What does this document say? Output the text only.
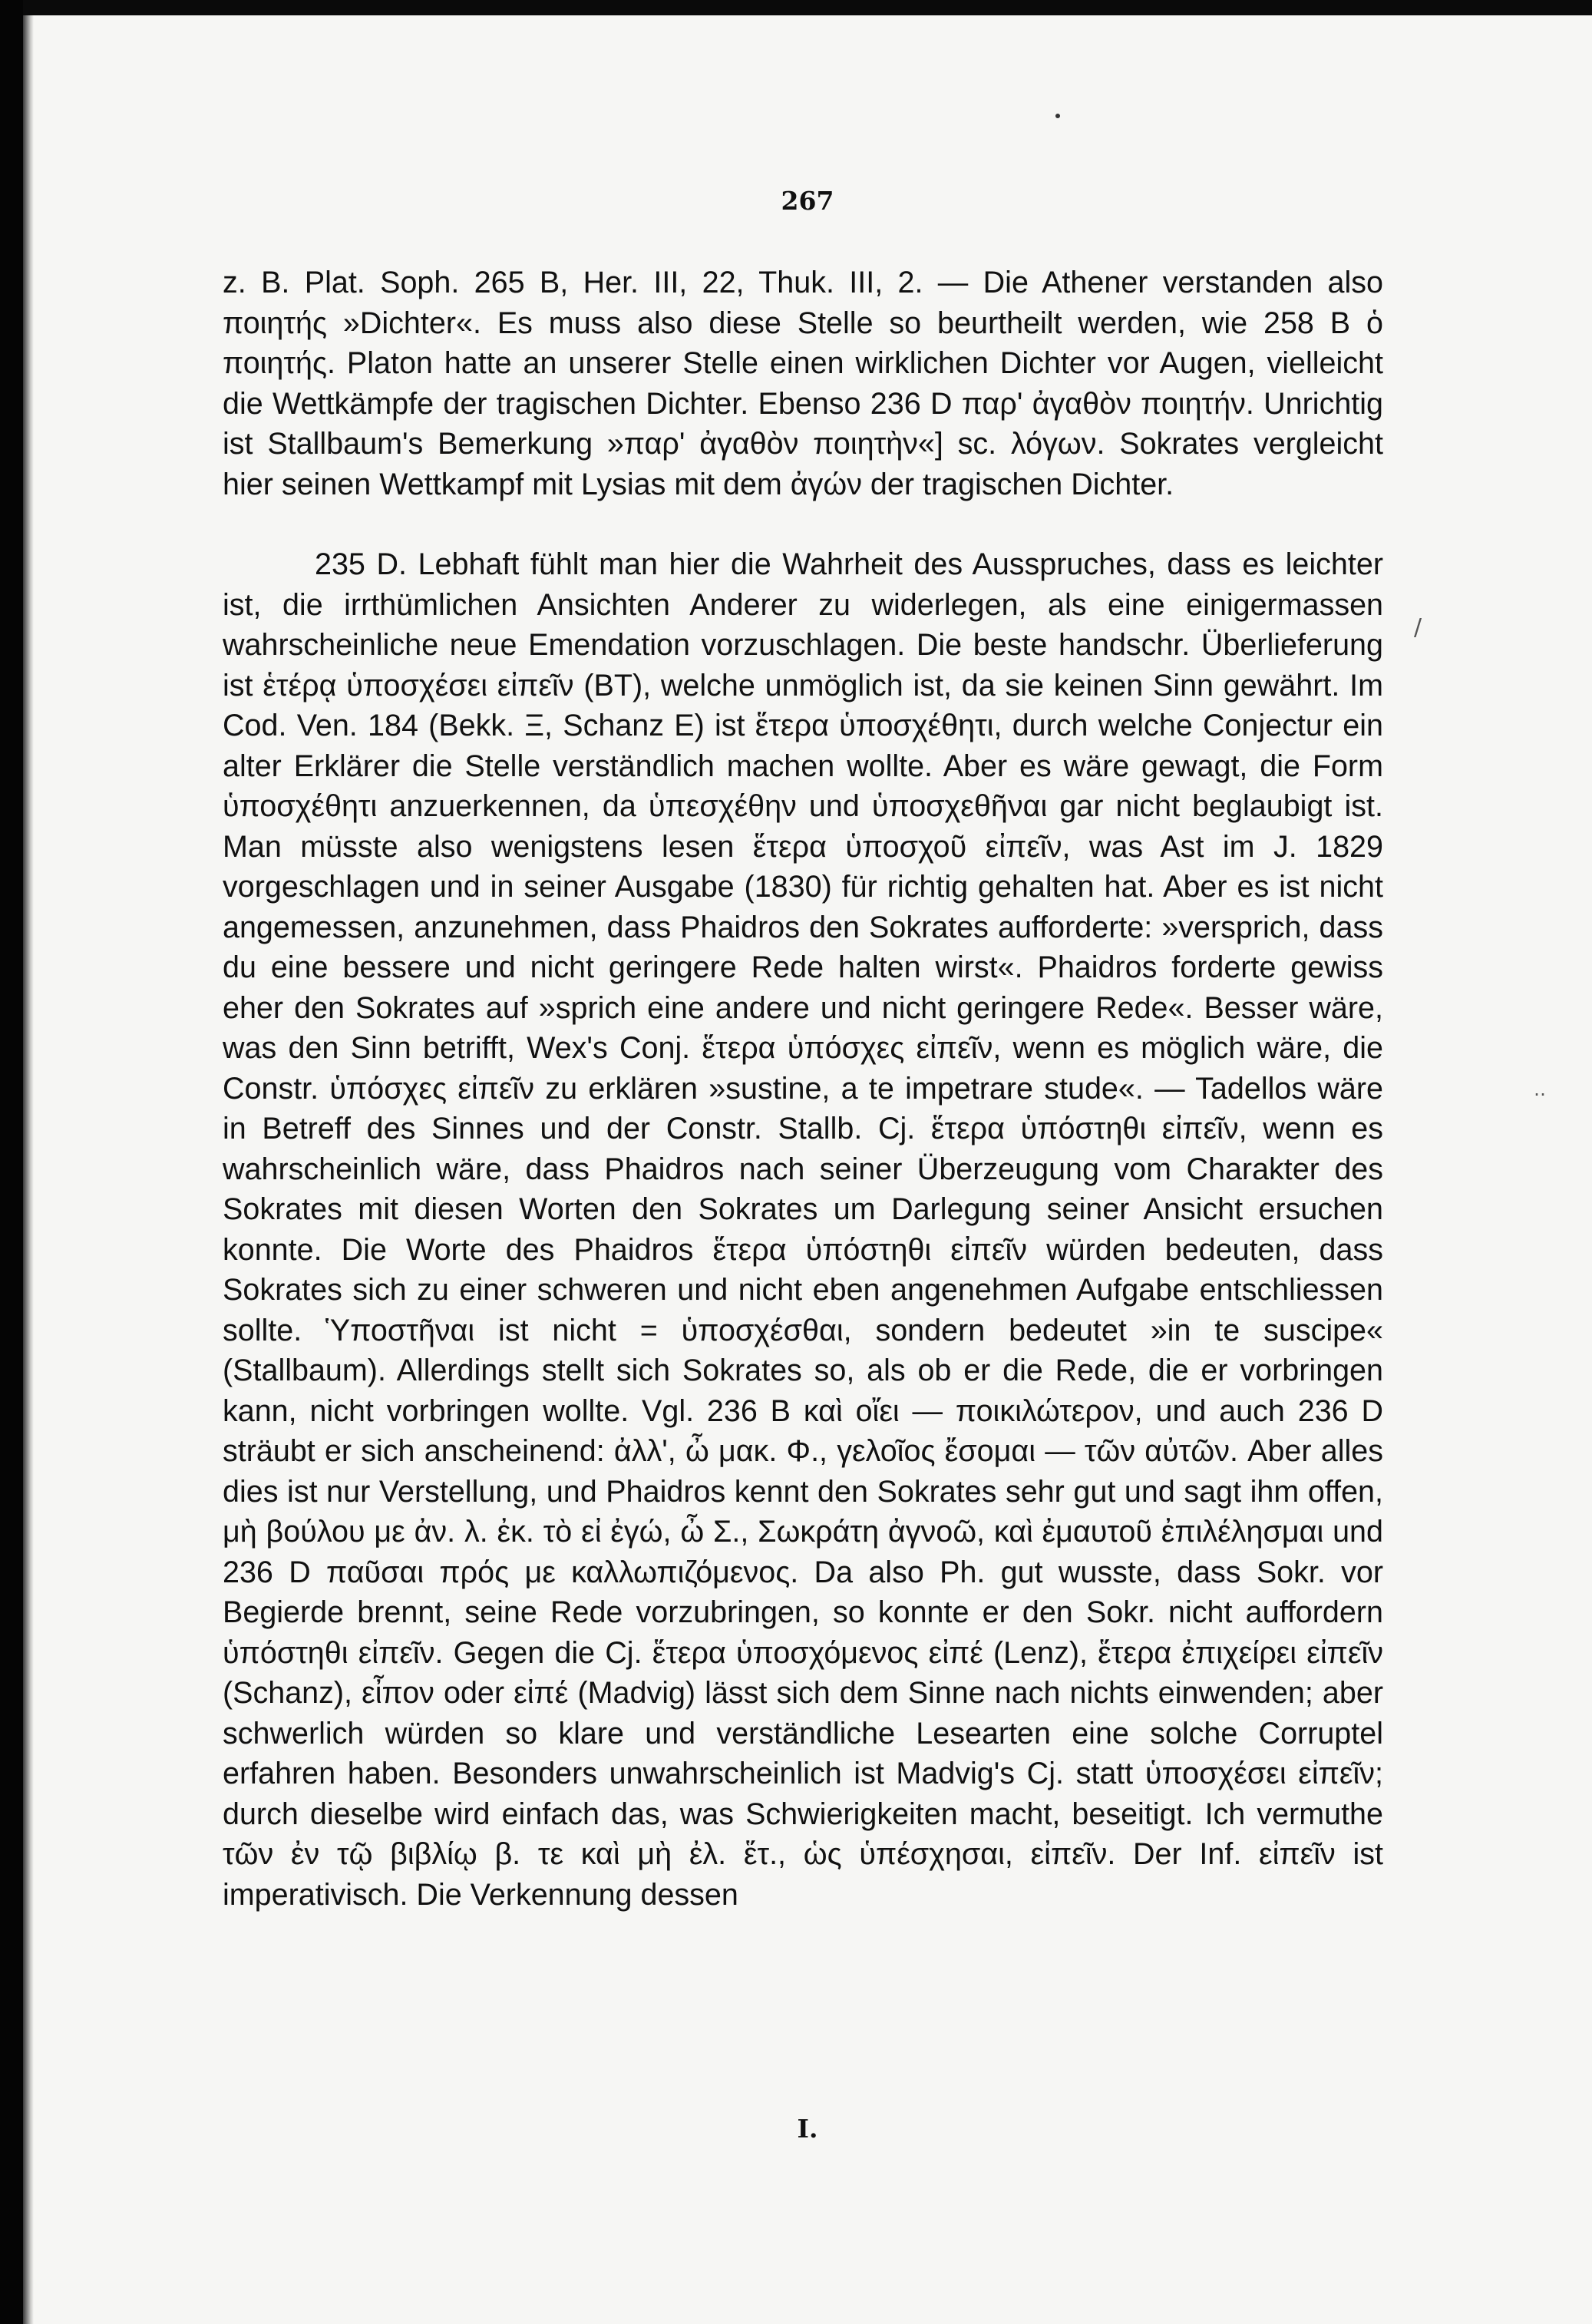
267

z. B. Plat. Soph. 265 B, Her. III, 22, Thuk. III, 2. — Die Athener verstanden also ποιητής »Dichter«. Es muss also diese Stelle so beurtheilt werden, wie 258 B ὁ ποιητής. Platon hatte an unserer Stelle einen wirklichen Dichter vor Augen, vielleicht die Wettkämpfe der tragischen Dichter. Ebenso 236 D παρ' ἀγαθὸν ποιητήν. Unrichtig ist Stallbaum's Bemerkung »παρ' ἀγαθὸν ποιητὴν«] sc. λόγων. Sokrates vergleicht hier seinen Wettkampf mit Lysias mit dem ἀγών der tragischen Dichter.

235 D. Lebhaft fühlt man hier die Wahrheit des Ausspruches, dass es leichter ist, die irrthümlichen Ansichten Anderer zu widerlegen, als eine einigermassen wahrscheinliche neue Emendation vorzuschlagen. Die beste handschr. Überlieferung ist ἑτέρᾳ ὑποσχέσει εἰπεῖν (BT), welche unmöglich ist, da sie keinen Sinn gewährt. Im Cod. Ven. 184 (Bekk. Ξ, Schanz E) ist ἕτερα ὑποσχέθητι, durch welche Conjectur ein alter Erklärer die Stelle verständlich machen wollte. Aber es wäre gewagt, die Form ὑποσχέθητι anzuerkennen, da ὑπεσχέθην und ὑποσχεθῆναι gar nicht beglaubigt ist. Man müsste also wenigstens lesen ἕτερα ὑποσχοῦ εἰπεῖν, was Ast im J. 1829 vorgeschlagen und in seiner Ausgabe (1830) für richtig gehalten hat. Aber es ist nicht angemessen, anzunehmen, dass Phaidros den Sokrates aufforderte: »versprich, dass du eine bessere und nicht geringere Rede halten wirst«. Phaidros forderte gewiss eher den Sokrates auf »sprich eine andere und nicht geringere Rede«. Besser wäre, was den Sinn betrifft, Wex's Conj. ἕτερα ὑπόσχες εἰπεῖν, wenn es möglich wäre, die Constr. ὑπόσχες εἰπεῖν zu erklären »sustine, a te impetrare stude«. — Tadellos wäre in Betreff des Sinnes und der Constr. Stallb. Cj. ἕτερα ὑπόστηθι εἰπεῖν, wenn es wahrscheinlich wäre, dass Phaidros nach seiner Überzeugung vom Charakter des Sokrates mit diesen Worten den Sokrates um Darlegung seiner Ansicht ersuchen konnte. Die Worte des Phaidros ἕτερα ὑπόστηθι εἰπεῖν würden bedeuten, dass Sokrates sich zu einer schweren und nicht eben angenehmen Aufgabe entschliessen sollte. Ὑποστῆναι ist nicht = ὑποσχέσθαι, sondern bedeutet »in te suscipe« (Stallbaum). Allerdings stellt sich Sokrates so, als ob er die Rede, die er vorbringen kann, nicht vorbringen wollte. Vgl. 236 B καὶ οἴει — ποικιλώτερον, und auch 236 D sträubt er sich anscheinend: ἀλλ', ὦ μακ. Φ., γελοῖος ἔσομαι — τῶν αὐτῶν. Aber alles dies ist nur Verstellung, und Phaidros kennt den Sokrates sehr gut und sagt ihm offen, μὴ βούλου με ἀν. λ. ἐκ. τὸ εἰ ἐγώ, ὦ Σ., Σωκράτη ἀγνοῶ, καὶ ἐμαυτοῦ ἐπιλέλησμαι und 236 D παῦσαι πρός με καλλωπιζόμενος. Da also Ph. gut wusste, dass Sokr. vor Begierde brennt, seine Rede vorzubringen, so konnte er den Sokr. nicht auffordern ὑπόστηθι εἰπεῖν. Gegen die Cj. ἕτερα ὑποσχόμενος εἰπέ (Lenz), ἕτερα ἐπιχείρει εἰπεῖν (Schanz), εἶπον oder εἰπέ (Madvig) lässt sich dem Sinne nach nichts einwenden; aber schwerlich würden so klare und verständliche Lesearten eine solche Corruptel erfahren haben. Besonders unwahrscheinlich ist Madvig's Cj. statt ὑποσχέσει εἰπεῖν; durch dieselbe wird einfach das, was Schwierigkeiten macht, beseitigt. Ich vermuthe τῶν ἐν τῷ βιβλίῳ β. τε καὶ μὴ ἐλ. ἕτ., ὡς ὑπέσχησαι, εἰπεῖν. Der Inf. εἰπεῖν ist imperativisch. Die Verkennung dessen

/
‥
I.
